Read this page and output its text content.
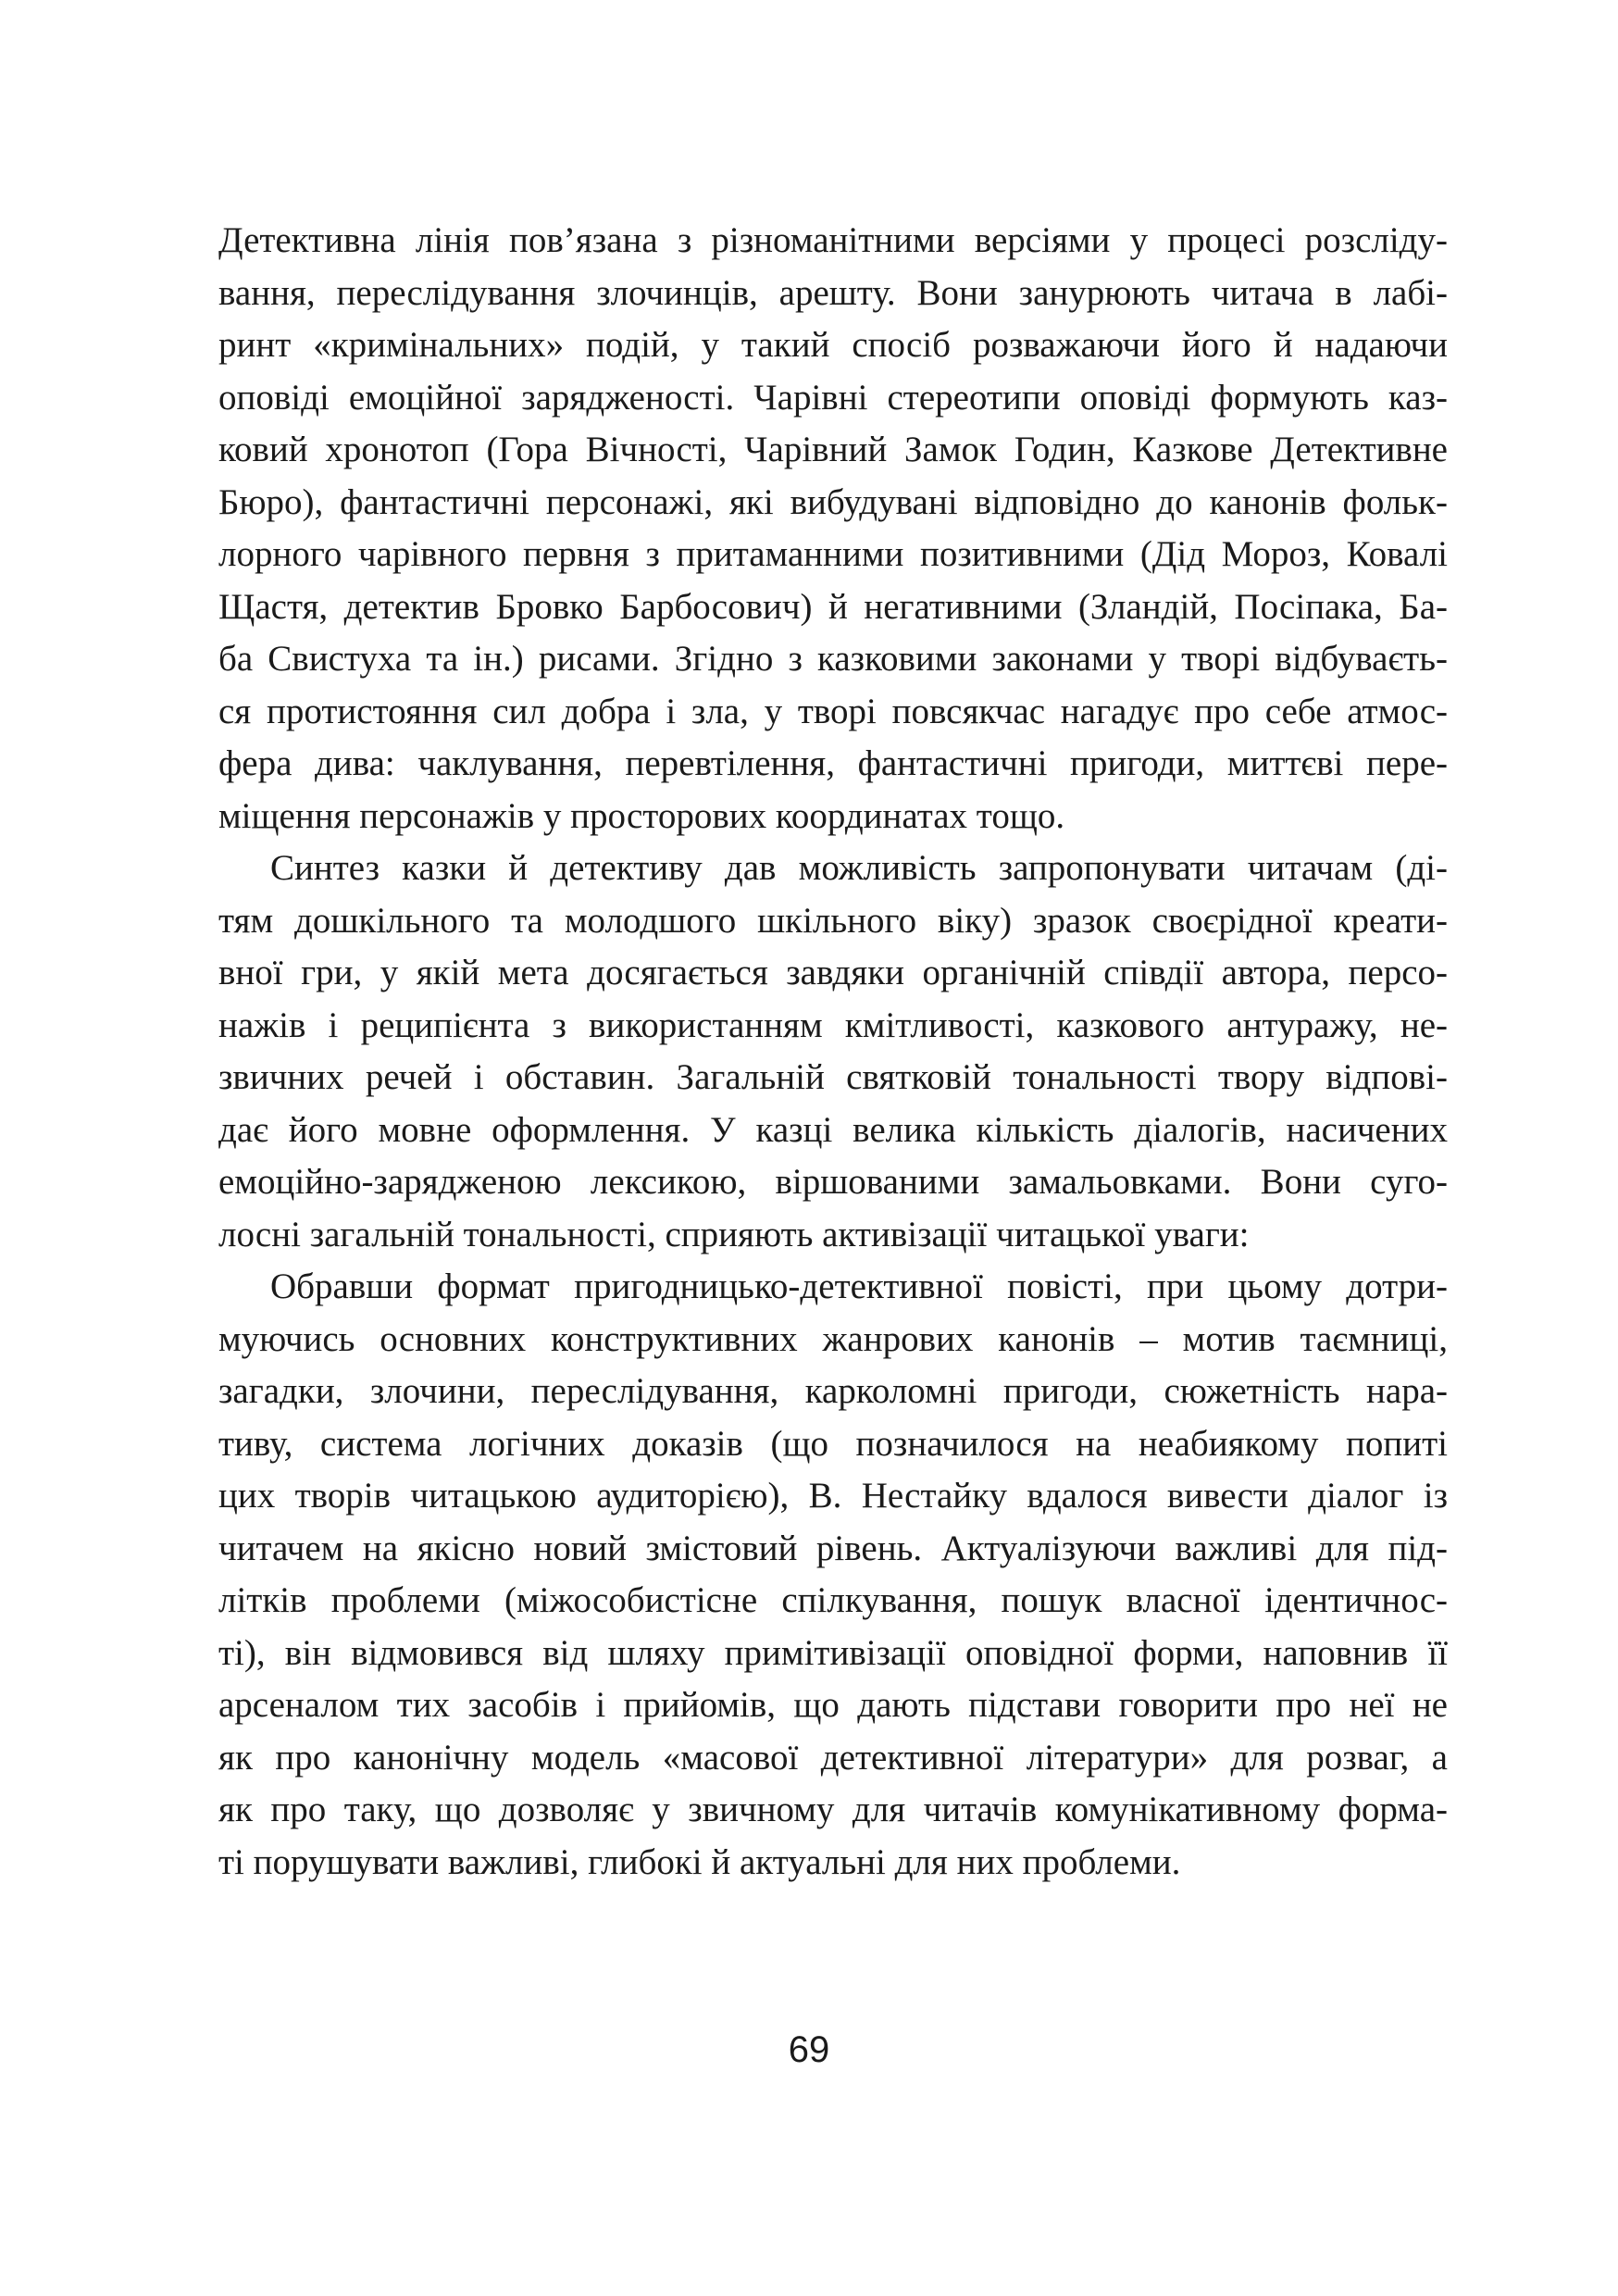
Детективна лінія пов’язана з різноманітними версіями у процесі розсліду-
вання, переслідування злочинців, арешту. Вони занурюють читача в лабі-
ринт «кримінальних» подій, у такий спосіб розважаючи його й надаючи
оповіді емоційної зарядженості. Чарівні стереотипи оповіді формують каз-
ковий хронотоп (Гора Вічності, Чарівний Замок Годин, Казкове Детективне
Бюро), фантастичні персонажі, які вибудувані відповідно до канонів фольк-
лорного чарівного первня з притаманними позитивними (Дід Мороз, Ковалі
Щастя, детектив Бровко Барбосович) й негативними (Зландій, Посіпака, Ба-
ба Свистуха та ін.) рисами. Згідно з казковими законами у творі відбуваєть-
ся протистояння сил добра і зла, у творі повсякчас нагадує про себе атмос-
фера дива: чаклування, перевтілення, фантастичні пригоди, миттєві пере-
міщення персонажів у просторових координатах тощо.
Синтез казки й детективу дав можливість запропонувати читачам (ді-
тям дошкільного та молодшого шкільного віку) зразок своєрідної креати-
вної гри, у якій мета досягається завдяки органічній співдії автора, персо-
нажів і реципієнта з використанням кмітливості, казкового антуражу, не-
звичних речей і обставин. Загальній святковій тональності твору відпові-
дає його мовне оформлення. У казці велика кількість діалогів, насичених
емоційно-зарядженою лексикою, віршованими замальовками. Вони суго-
лосні загальній тональності, сприяють активізації читацької уваги:
Обравши формат пригодницько-детективної повісті, при цьому дотри-
муючись основних конструктивних жанрових канонів – мотив таємниці,
загадки, злочини, переслідування, карколомні пригоди, сюжетність нара-
тиву, система логічних доказів (що позначилося на неабиякому попиті
цих творів читацькою аудиторією), В. Нестайку вдалося вивести діалог із
читачем на якісно новий змістовий рівень. Актуалізуючи важливі для під-
літків проблеми (міжособистісне спілкування, пошук власної ідентичнос-
ті), він відмовився від шляху примітивізації оповідної форми, наповнив її
арсеналом тих засобів і прийомів, що дають підстави говорити про неї не
як про канонічну модель «масової детективної літератури» для розваг, а
як про таку, що дозволяє у звичному для читачів комунікативному форма-
ті порушувати важливі, глибокі й актуальні для них проблеми.
69
